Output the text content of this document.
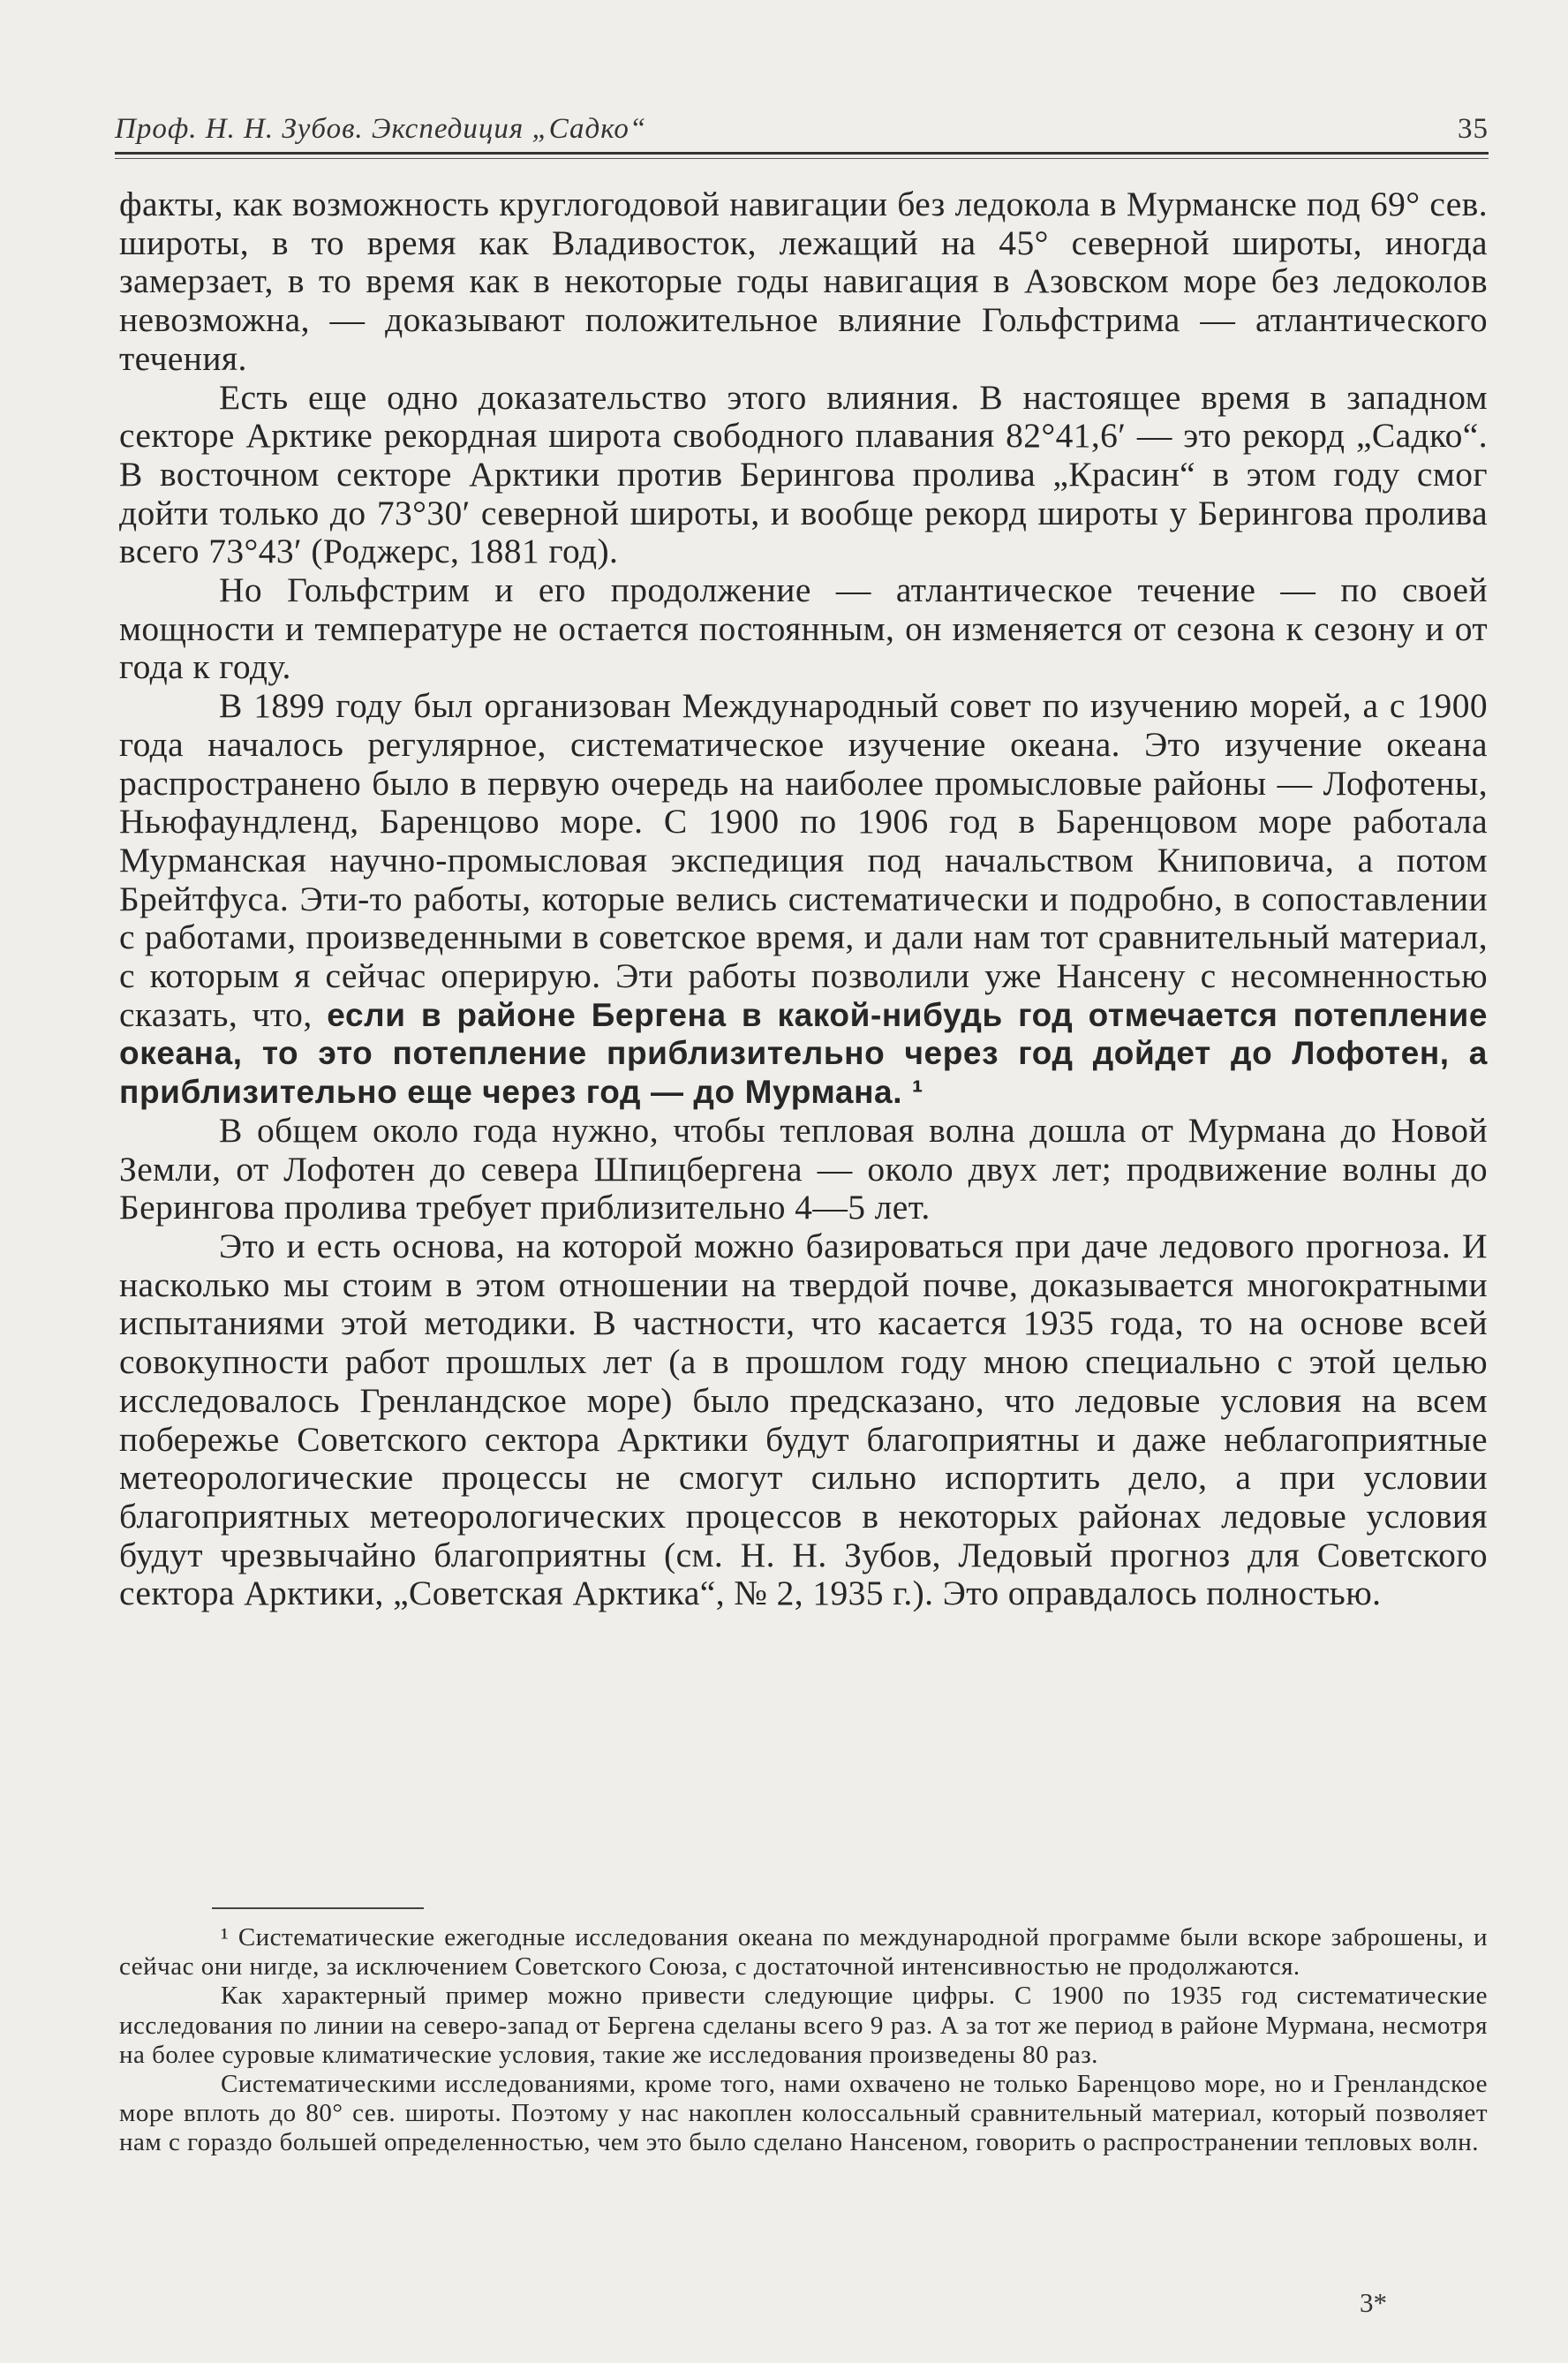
Проф. Н. Н. Зубов. Экспедиция „Садко“	35

факты, как возможность круглогодовой навигации без ледокола в Мурманске под 69° сев. широты, в то время как Владивосток, лежащий на 45° северной широты, иногда замерзает, в то время как в некоторые годы навигация в Азовском море без ледоколов невозможна, — доказывают положительное влияние Гольфстрима — атлантического течения.

Есть еще одно доказательство этого влияния. В настоящее время в западном секторе Арктике рекордная широта свободного плавания 82°41,6′ — это рекорд „Садко“. В восточном секторе Арктики против Берингова пролива „Красин“ в этом году смог дойти только до 73°30′ северной широты, и вообще рекорд широты у Берингова пролива всего 73°43′ (Роджерс, 1881 год).

Но Гольфстрим и его продолжение — атлантическое течение — по своей мощности и температуре не остается постоянным, он изменяется от сезона к сезону и от года к году.

В 1899 году был организован Международный совет по изучению морей, а с 1900 года началось регулярное, систематическое изучение океана. Это изучение океана распространено было в первую очередь на наиболее промысловые районы — Лофотены, Ньюфаундленд, Баренцово море. С 1900 по 1906 год в Баренцовом море работала Мурманская научно-промысловая экспедиция под начальством Книповича, а потом Брейтфуса. Эти-то работы, которые велись систематически и подробно, в сопоставлении с работами, произведенными в советское время, и дали нам тот сравнительный материал, с которым я сейчас оперирую. Эти работы позволили уже Нансену с несомненностью сказать, что, если в районе Бергена в какой-нибудь год отмечается потепление океана, то это потепление приблизительно через год дойдет до Лофотен, а приблизительно еще через год — до Мурмана. ¹

В общем около года нужно, чтобы тепловая волна дошла от Мурмана до Новой Земли, от Лофотен до севера Шпицбергена — около двух лет; продвижение волны до Берингова пролива требует приблизительно 4—5 лет.

Это и есть основа, на которой можно базироваться при даче ледового прогноза. И насколько мы стоим в этом отношении на твердой почве, доказывается многократными испытаниями этой методики. В частности, что касается 1935 года, то на основе всей совокупности работ прошлых лет (а в прошлом году мною специально с этой целью исследовалось Гренландское море) было предсказано, что ледовые условия на всем побережье Советского сектора Арктики будут благоприятны и даже неблагоприятные метеорологические процессы не смогут сильно испортить дело, а при условии благоприятных метеорологических процессов в некоторых районах ледовые условия будут чрезвычайно благоприятны (см. Н. Н. Зубов, Ледовый прогноз для Советского сектора Арктики, „Советская Арктика“, № 2, 1935 г.). Это оправдалось полностью.

¹ Систематические ежегодные исследования океана по международной программе были вскоре заброшены, и сейчас они нигде, за исключением Советского Союза, с достаточной интенсивностью не продолжаются.

Как характерный пример можно привести следующие цифры. С 1900 по 1935 год систематические исследования по линии на северо-запад от Бергена сделаны всего 9 раз. А за тот же период в районе Мурмана, несмотря на более суровые климатические условия, такие же исследования произведены 80 раз.

Систематическими исследованиями, кроме того, нами охвачено не только Баренцово море, но и Гренландское море вплоть до 80° сев. широты. Поэтому у нас накоплен колоссальный сравнительный материал, который позволяет нам с гораздо большей определенностью, чем это было сделано Нансеном, говорить о распространении тепловых волн.

3*
